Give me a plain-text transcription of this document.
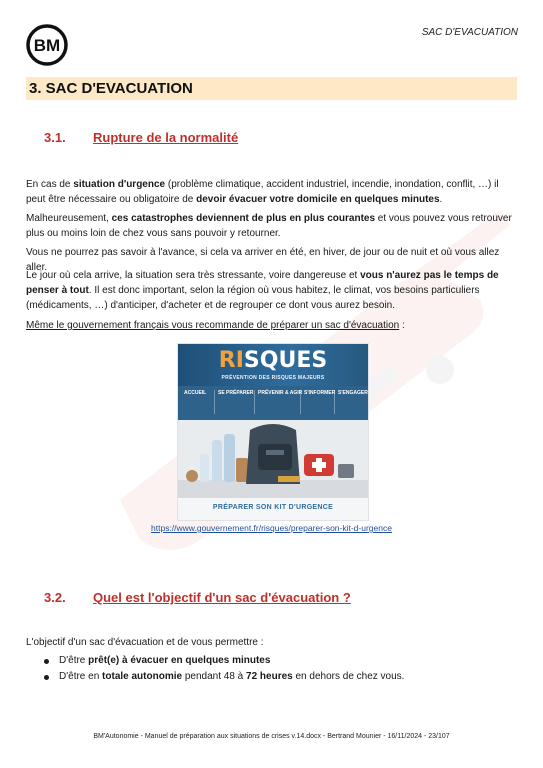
BM
SAC D'EVACUATION
3. SAC D'EVACUATION
3.1. Rupture de la normalité
En cas de situation d'urgence (problème climatique, accident industriel, incendie, inondation, conflit, …) il peut être nécessaire ou obligatoire de devoir évacuer votre domicile en quelques minutes.
Malheureusement, ces catastrophes deviennent de plus en plus courantes et vous pouvez vous retrouver plus ou moins loin de chez vous sans pouvoir y retourner.
Vous ne pourrez pas savoir à l'avance, si cela va arriver en été, en hiver, de jour ou de nuit et où vous allez aller.
Le jour où cela arrive, la situation sera très stressante, voire dangereuse et vous n'aurez pas le temps de penser à tout. Il est donc important, selon la région où vous habitez, le climat, vos besoins particuliers (médicaments, …) d'anticiper, d'acheter et de regrouper ce dont vous aurez besoin.
Même le gouvernement français vous recommande de préparer un sac d'évacuation :
RISQUES
PRÉVENTION DES RISQUES MAJEURS
ACCUEIL SE PRÉPARER PRÉVENIR & AGIR S'INFORMER S'ENGAGER
PRÉPARER SON KIT D'URGENCE
https://www.gouvernement.fr/risques/preparer-son-kit-d-urgence
3.2. Quel est l'objectif d'un sac d'évacuation ?
L'objectif d'un sac d'évacuation et de vous permettre :
D'être prêt(e) à évacuer en quelques minutes
D'être en totale autonomie pendant 48 à 72 heures en dehors de chez vous.
BM'Autonomie - Manuel de préparation aux situations de crises v.14.docx - Bertrand Mounier - 16/11/2024 - 23/107
